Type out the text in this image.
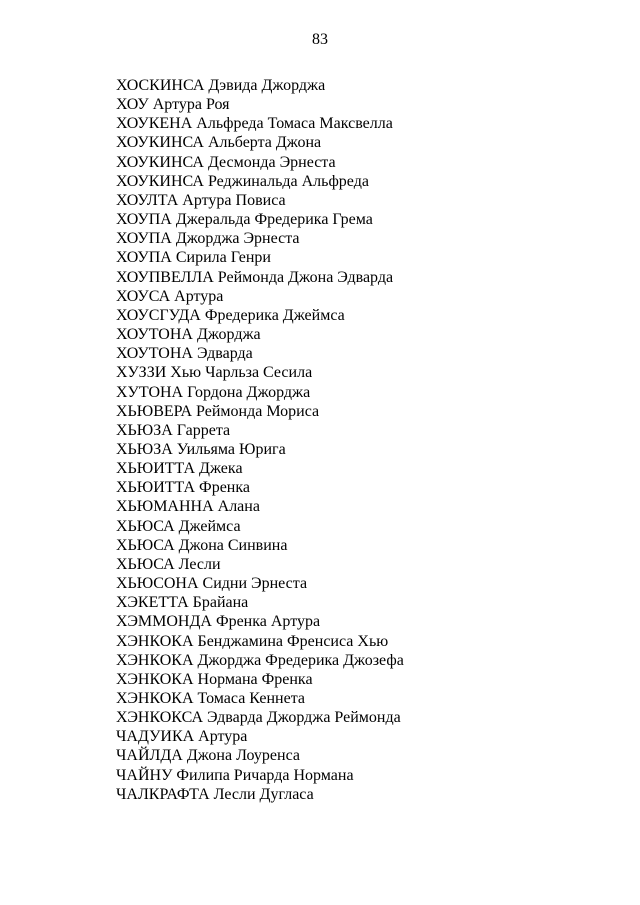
83
ХОСКИНСА Дэвида Джорджа
ХОУ Артура Роя
ХОУКЕНА Альфреда Томаса Максвелла
ХОУКИНСА Альберта Джона
ХОУКИНСА Десмонда Эрнеста
ХОУКИНСА Реджинальда Альфреда
ХОУЛТА Артура Повиса
ХОУПА Джеральда Фредерика Грема
ХОУПА Джорджа Эрнеста
ХОУПА Сирила Генри
ХОУПВЕЛЛА Реймонда Джона Эдварда
ХОУСА Артура
ХОУСГУДА Фредерика Джеймса
ХОУТОНА Джорджа
ХОУТОНА Эдварда
ХУЗЗИ Хью Чарльза Сесила
ХУТОНА Гордона Джорджа
ХЬЮВЕРА Реймонда Мориса
ХЬЮЗА Гаррета
ХЬЮЗА Уильяма Юрига
ХЬЮИТТА Джека
ХЬЮИТТА Френка
ХЬЮМАННА Алана
ХЬЮСА Джеймса
ХЬЮСА Джона Синвина
ХЬЮСА Лесли
ХЬЮСОНА Сидни Эрнеста
ХЭКЕТТА Брайана
ХЭММОНДА Френка Артура
ХЭНКОКА Бенджамина Френсиса Хью
ХЭНКОКА Джорджа Фредерика Джозефа
ХЭНКОКА Нормана Френка
ХЭНКОКА Томаса Кеннета
ХЭНКОКСА Эдварда Джорджа Реймонда
ЧАДУИКА Артура
ЧАЙЛДА Джона Лоуренса
ЧАЙНУ Филипа Ричарда Нормана
ЧАЛКРАФТА Лесли Дугласа
